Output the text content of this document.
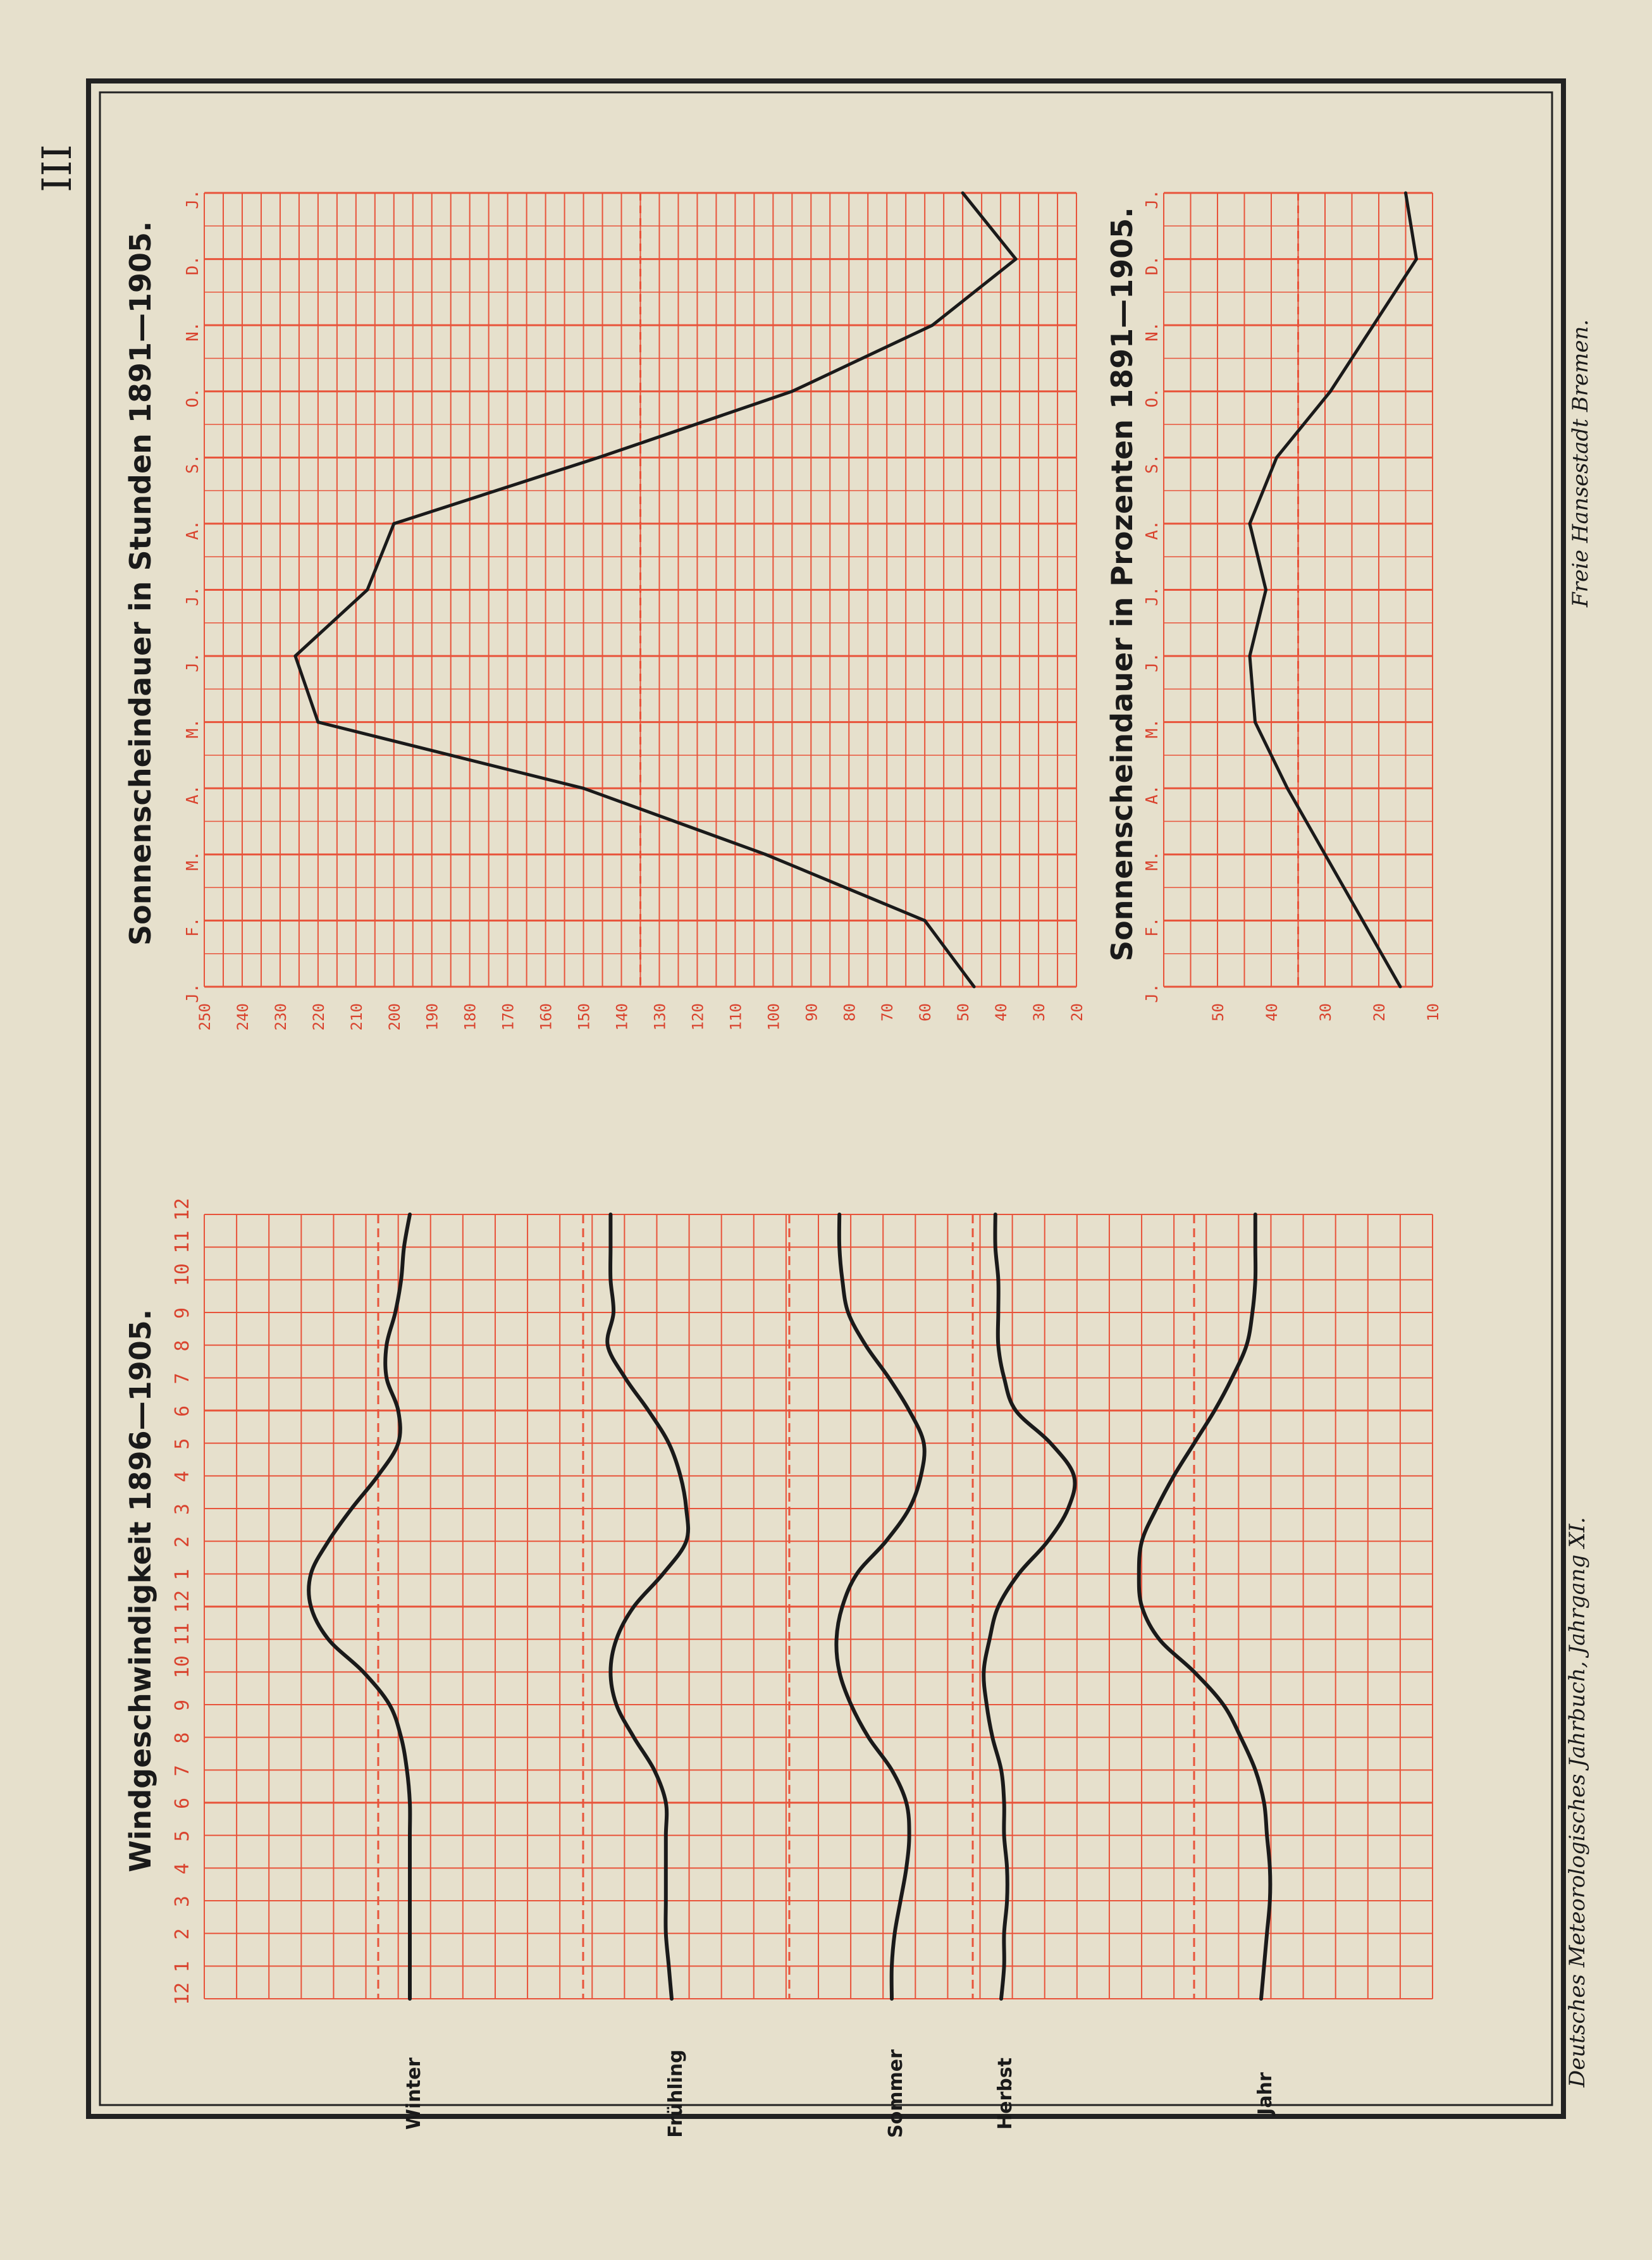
III
Windgeschwindigkeit 1896—1905.
Sonnenscheindauer in Stunden 1891—1905.	Sonnenscheindauer in Prozenten 1891—1905.
12
1
2
3
4
5
6
7
8
9
10
11
12
1
2
3
4
5
6
7
8
9
10
11
12
Winter	Frühling	Sommer	Herbst	Jahr
J.
F.
M.
A.
M.
J.
J.
A.
S.
O.
N.
D.
J.
250 240 230 220 210 200 190 180 170 160 150 140 130 120 110 100 90 80 70 60 50 40 30 20
J.
F.
M.
A.
M.
J.
J.
A.
S.
O.
N.
D.
J.
50 40 30 20 10
Deutsches Meteorologisches Jahrbuch, Jahrgang XI.
Freie Hansestadt Bremen.
